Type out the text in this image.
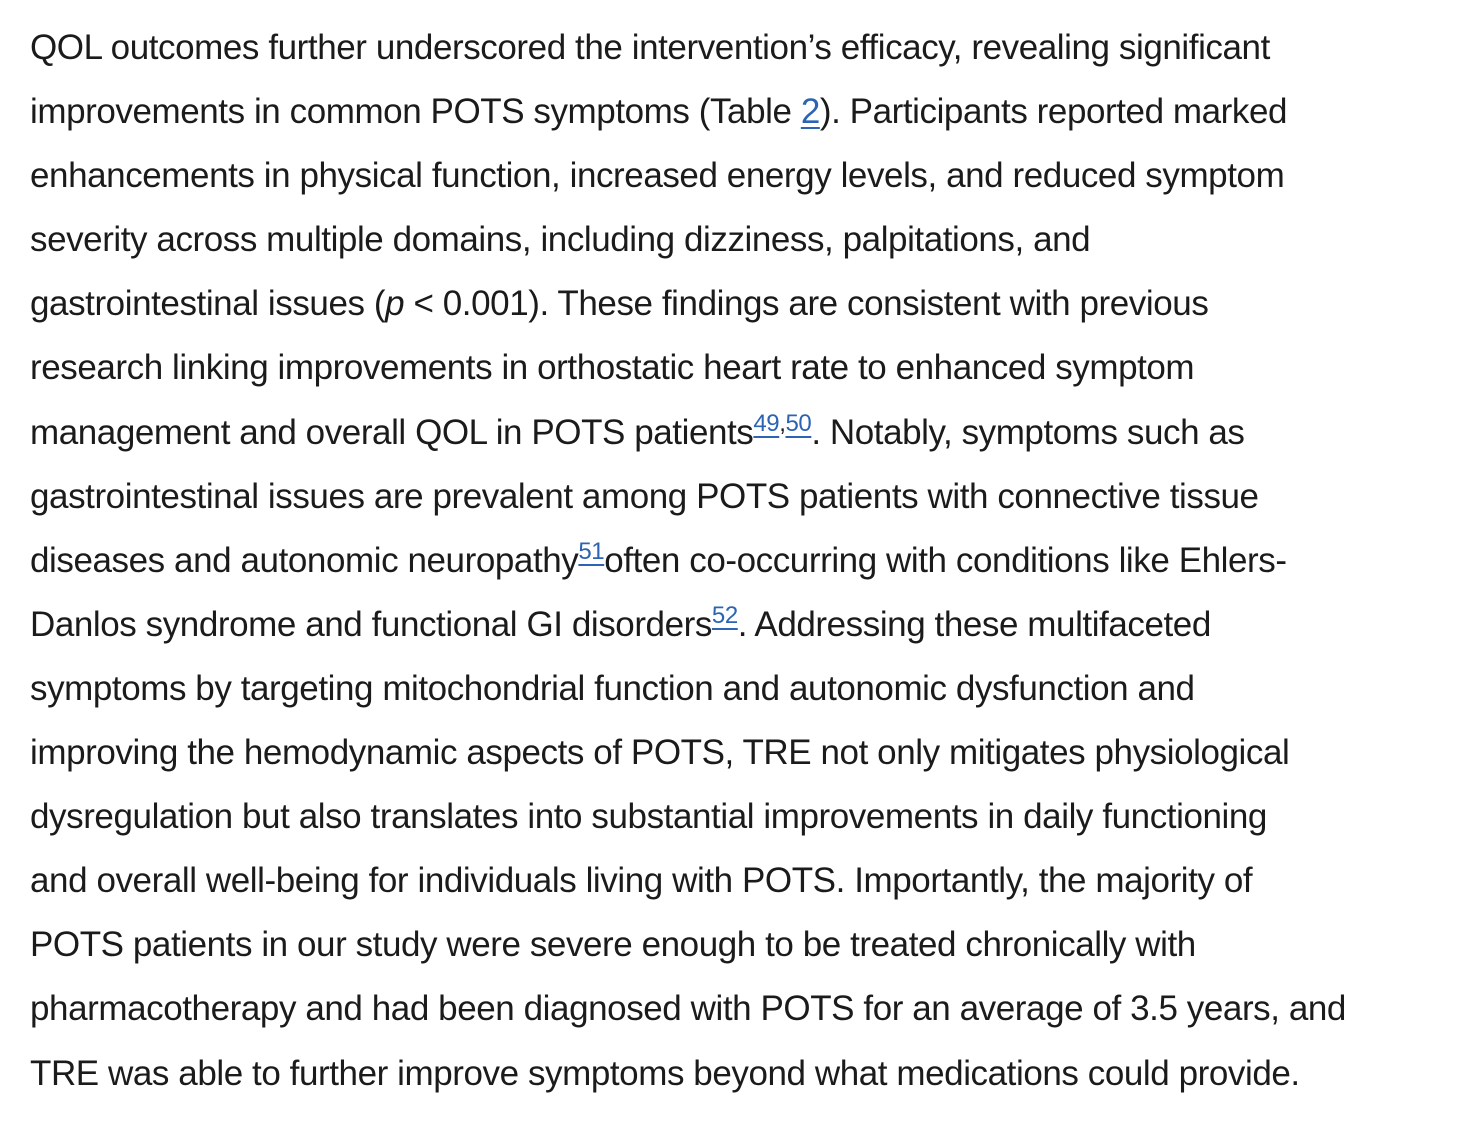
QOL outcomes further underscored the intervention’s efficacy, revealing significant
improvements in common POTS symptoms (Table 2). Participants reported marked
enhancements in physical function, increased energy levels, and reduced symptom
severity across multiple domains, including dizziness, palpitations, and
gastrointestinal issues (p < 0.001). These findings are consistent with previous
research linking improvements in orthostatic heart rate to enhanced symptom
management and overall QOL in POTS patients$^{49,50}$. Notably, symptoms such as
gastrointestinal issues are prevalent among POTS patients with connective tissue
diseases and autonomic neuropathy$^{51}$often co-occurring with conditions like Ehlers-
Danlos syndrome and functional GI disorders$^{52}$. Addressing these multifaceted
symptoms by targeting mitochondrial function and autonomic dysfunction and
improving the hemodynamic aspects of POTS, TRE not only mitigates physiological
dysregulation but also translates into substantial improvements in daily functioning
and overall well-being for individuals living with POTS. Importantly, the majority of
POTS patients in our study were severe enough to be treated chronically with
pharmacotherapy and had been diagnosed with POTS for an average of 3.5 years, and
TRE was able to further improve symptoms beyond what medications could provide.
